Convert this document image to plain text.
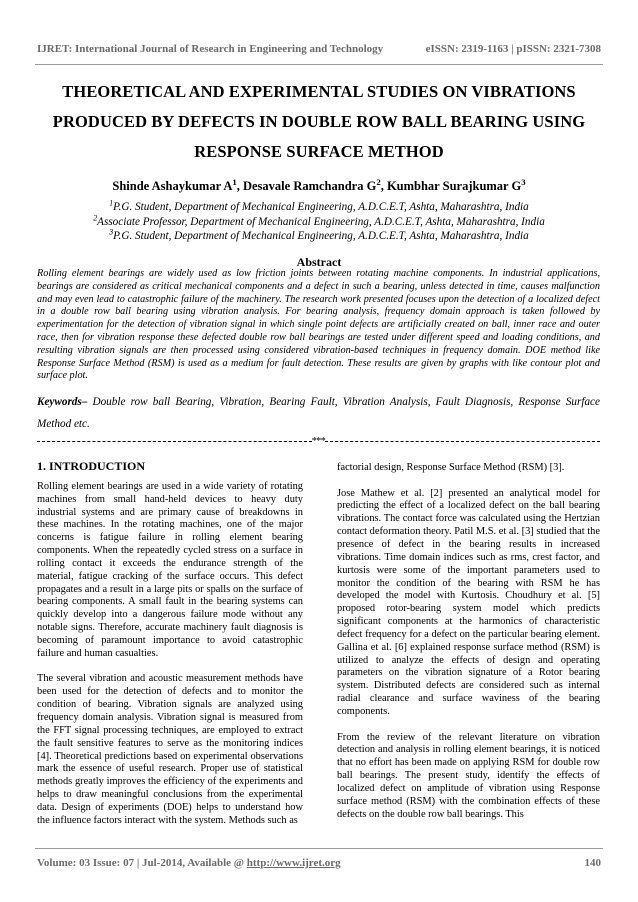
IJRET: International Journal of Research in Engineering and Technology	eISSN: 2319-1163 | pISSN: 2321-7308
THEORETICAL AND EXPERIMENTAL STUDIES ON VIBRATIONS
PRODUCED BY DEFECTS IN DOUBLE ROW BALL BEARING USING
RESPONSE SURFACE METHOD
Shinde Ashaykumar $A^1$, Desavale Ramchandra $G^2$, Kumbhar Surajkumar $G^3$
$^1$P.G. Student, Department of Mechanical Engineering, A.D.C.E.T, Ashta, Maharashtra, India
$^2$Associate Professor, Department of Mechanical Engineering, A.D.C.E.T, Ashta, Maharashtra, India
$^3$P.G. Student, Department of Mechanical Engineering, A.D.C.E.T, Ashta, Maharashtra, India
Abstract
Rolling element bearings are widely used as low friction joints between rotating machine components. In industrial applications, bearings are considered as critical mechanical components and a defect in such a bearing, unless detected in time, causes malfunction and may even lead to catastrophic failure of the machinery. The research work presented focuses upon the detection of a localized defect in a double row ball bearing using vibration analysis. For bearing analysis, frequency domain approach is taken followed by experimentation for the detection of vibration signal in which single point defects are artificially created on ball, inner race and outer race, then for vibration response these defected double row ball bearings are tested under different speed and loading conditions, and resulting vibration signals are then processed using considered vibration-based techniques in frequency domain. DOE method like Response Surface Method (RSM) is used as a medium for fault detection. These results are given by graphs with like contour plot and surface plot.
Keywords– Double row ball Bearing, Vibration, Bearing Fault, Vibration Analysis, Fault Diagnosis, Response Surface Method etc.
***
1. INTRODUCTION

Rolling element bearings are used in a wide variety of rotating machines from small hand-held devices to heavy duty industrial systems and are primary cause of breakdowns in these machines. In the rotating machines, one of the major concerns is fatigue failure in rolling element bearing components. When the repeatedly cycled stress on a surface in rolling contact it exceeds the endurance strength of the material, fatigue cracking of the surface occurs. This defect propagates and a result in a large pits or spalls on the surface of bearing components. A small fault in the bearing systems can quickly develop into a dangerous failure mode without any notable signs. Therefore, accurate machinery fault diagnosis is becoming of paramount importance to avoid catastrophic failure and human casualties.

The several vibration and acoustic measurement methods have been used for the detection of defects and to monitor the condition of bearing. Vibration signals are analyzed using frequency domain analysis. Vibration signal is measured from the FFT signal processing techniques, are employed to extract the fault sensitive features to serve as the monitoring indices [4]. Theoretical predictions based on experimental observations mark the essence of useful research. Proper use of statistical methods greatly improves the efficiency of the experiments and helps to draw meaningful conclusions from the experimental data. Design of experiments (DOE) helps to understand how the influence factors interact with the system. Methods such as

factorial design, Response Surface Method (RSM) [3].

Jose Mathew et al. [2] presented an analytical model for predicting the effect of a localized defect on the ball bearing vibrations. The contact force was calculated using the Hertzian contact deformation theory. Patil M.S. et al. [3] studied that the presence of defect in the bearing results in increased vibrations. Time domain indices such as rms, crest factor, and kurtosis were some of the important parameters used to monitor the condition of the bearing with RSM he has developed the model with Kurtosis. Choudhury et al. [5] proposed rotor-bearing system model which predicts significant components at the harmonics of characteristic defect frequency for a defect on the particular bearing element. Gallina et al. [6] explained response surface method (RSM) is utilized to analyze the effects of design and operating parameters on the vibration signature of a Rotor bearing system. Distributed defects are considered such as internal radial clearance and surface waviness of the bearing components.

From the review of the relevant literature on vibration detection and analysis in rolling element bearings, it is noticed that no effort has been made on applying RSM for double row ball bearings. The present study, identify the effects of localized defect on amplitude of vibration using Response surface method (RSM) with the combination effects of these defects on the double row ball bearings. This

Volume: 03 Issue: 07 | Jul-2014, Available @ http://www.ijret.org	140
